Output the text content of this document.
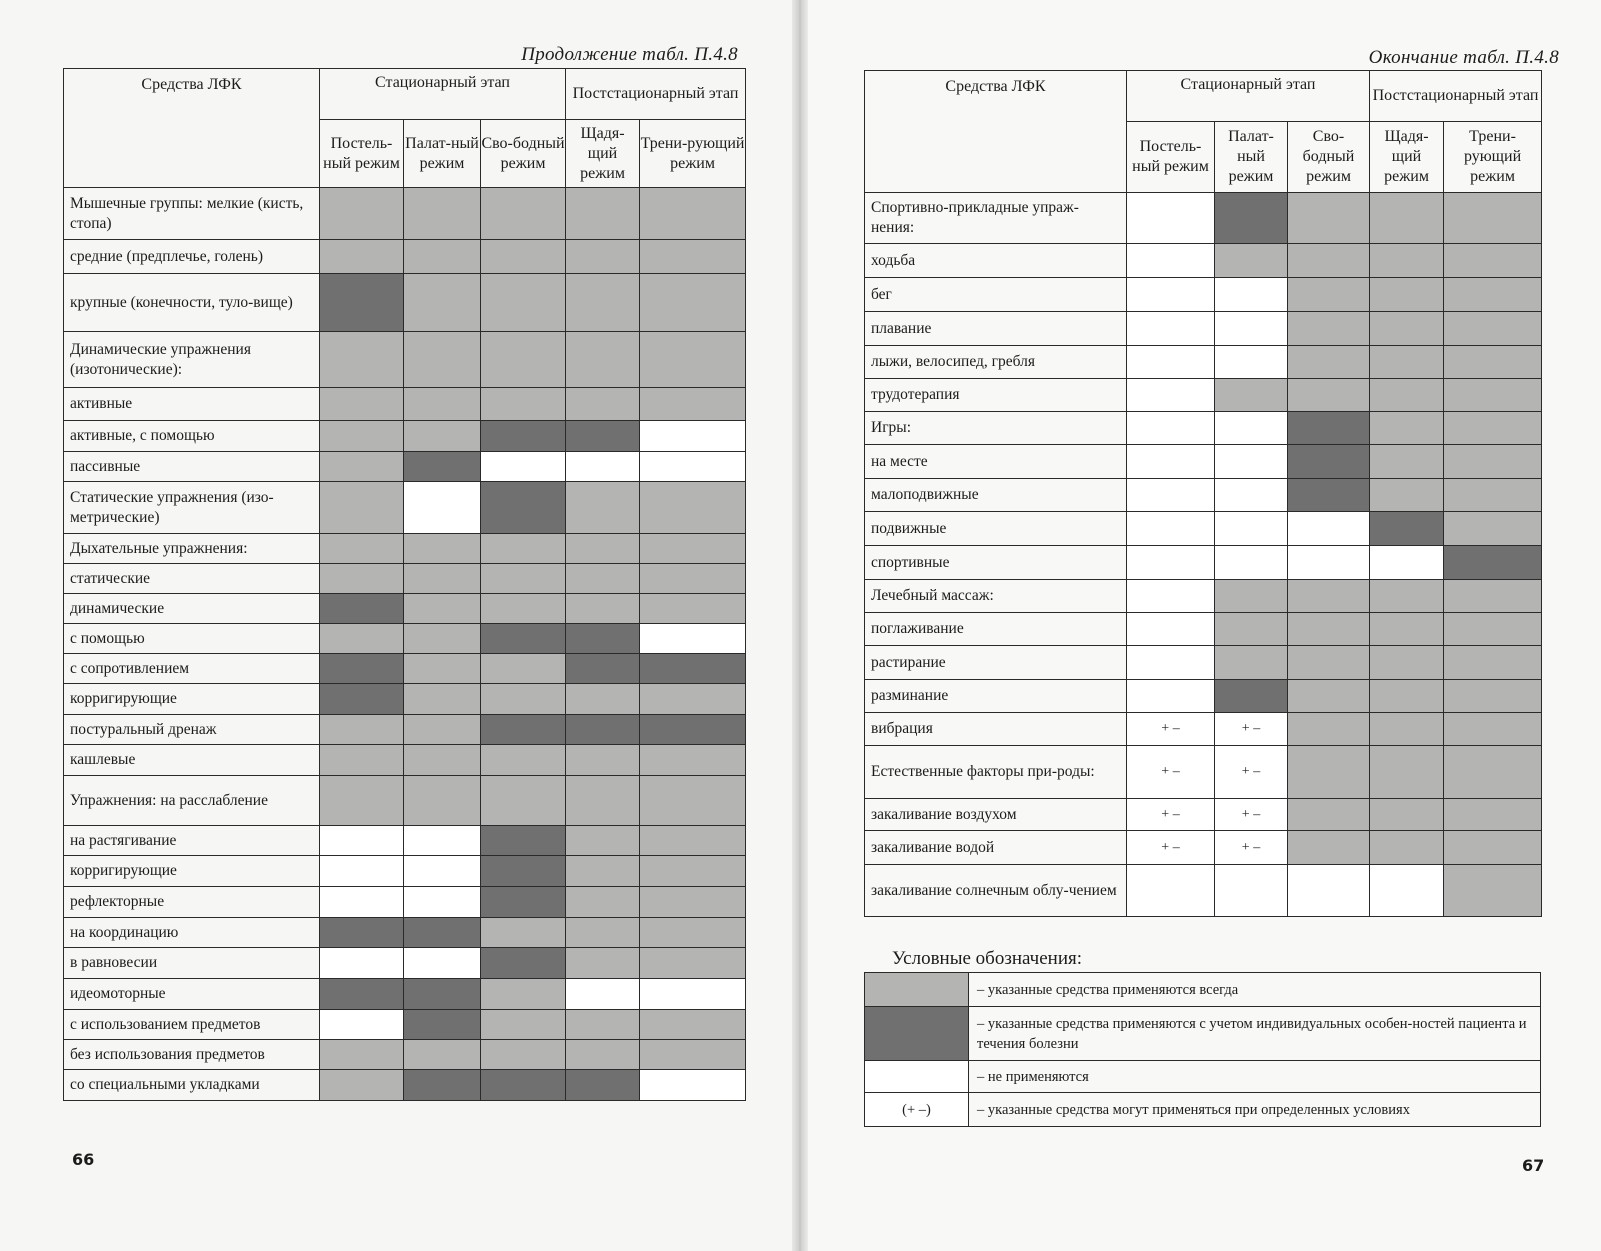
Продолжение табл. П.4.8
Средства ЛФК	Стационарный этап			Постстационарный этап	
	Постель-ный режим	Палат-ный режим	Сво-бодный режим	Щадя-щий режим	Трени-рующий режим
Мышечные группы: мелкие (кисть, стопа)					
средние (предплечье, голень)					
крупные (конечности, туло-вище)					
Динамические упражнения (изотонические):					
активные					
активные, с помощью					
пассивные					
Статические упражнения (изо-метрические)					
Дыхательные упражнения:					
статические					
динамические					
с помощью					
с сопротивлением					
корригирующие					
постуральный дренаж					
кашлевые					
Упражнения: на расслабление					
на растягивание					
корригирующие					
рефлекторные					
на координацию					
в равновесии					
идеомоторные					
с использованием предметов					
без использования предметов					
со специальными укладками					
66
Окончание табл. П.4.8
Средства ЛФК	Стационарный этап			Постстационарный этап	
	Постель-ный режим	Палат-ный режим	Сво-бодный режим	Щадя-щий режим	Трени-рующий режим
Спортивно-прикладные упраж-нения:					
ходьба					
бег					
плавание					
лыжи, велосипед, гребля					
трудотерапия					
Игры:					
на месте					
малоподвижные					
подвижные					
спортивные					
Лечебный массаж:					
поглаживание					
растирание					
разминание					
вибрация	+ –	+ –			
Естественные факторы при-роды:	+ –	+ –			
закаливание воздухом	+ –	+ –			
закаливание водой	+ –	+ –			
закаливание солнечным облу-чением					
Условные обозначения:
	– указанные средства применяются всегда
	– указанные средства применяются с учетом индивидуальных особен-ностей пациента и течения болезни
	– не применяются
(+ –)	– указанные средства могут применяться при определенных условиях
67
